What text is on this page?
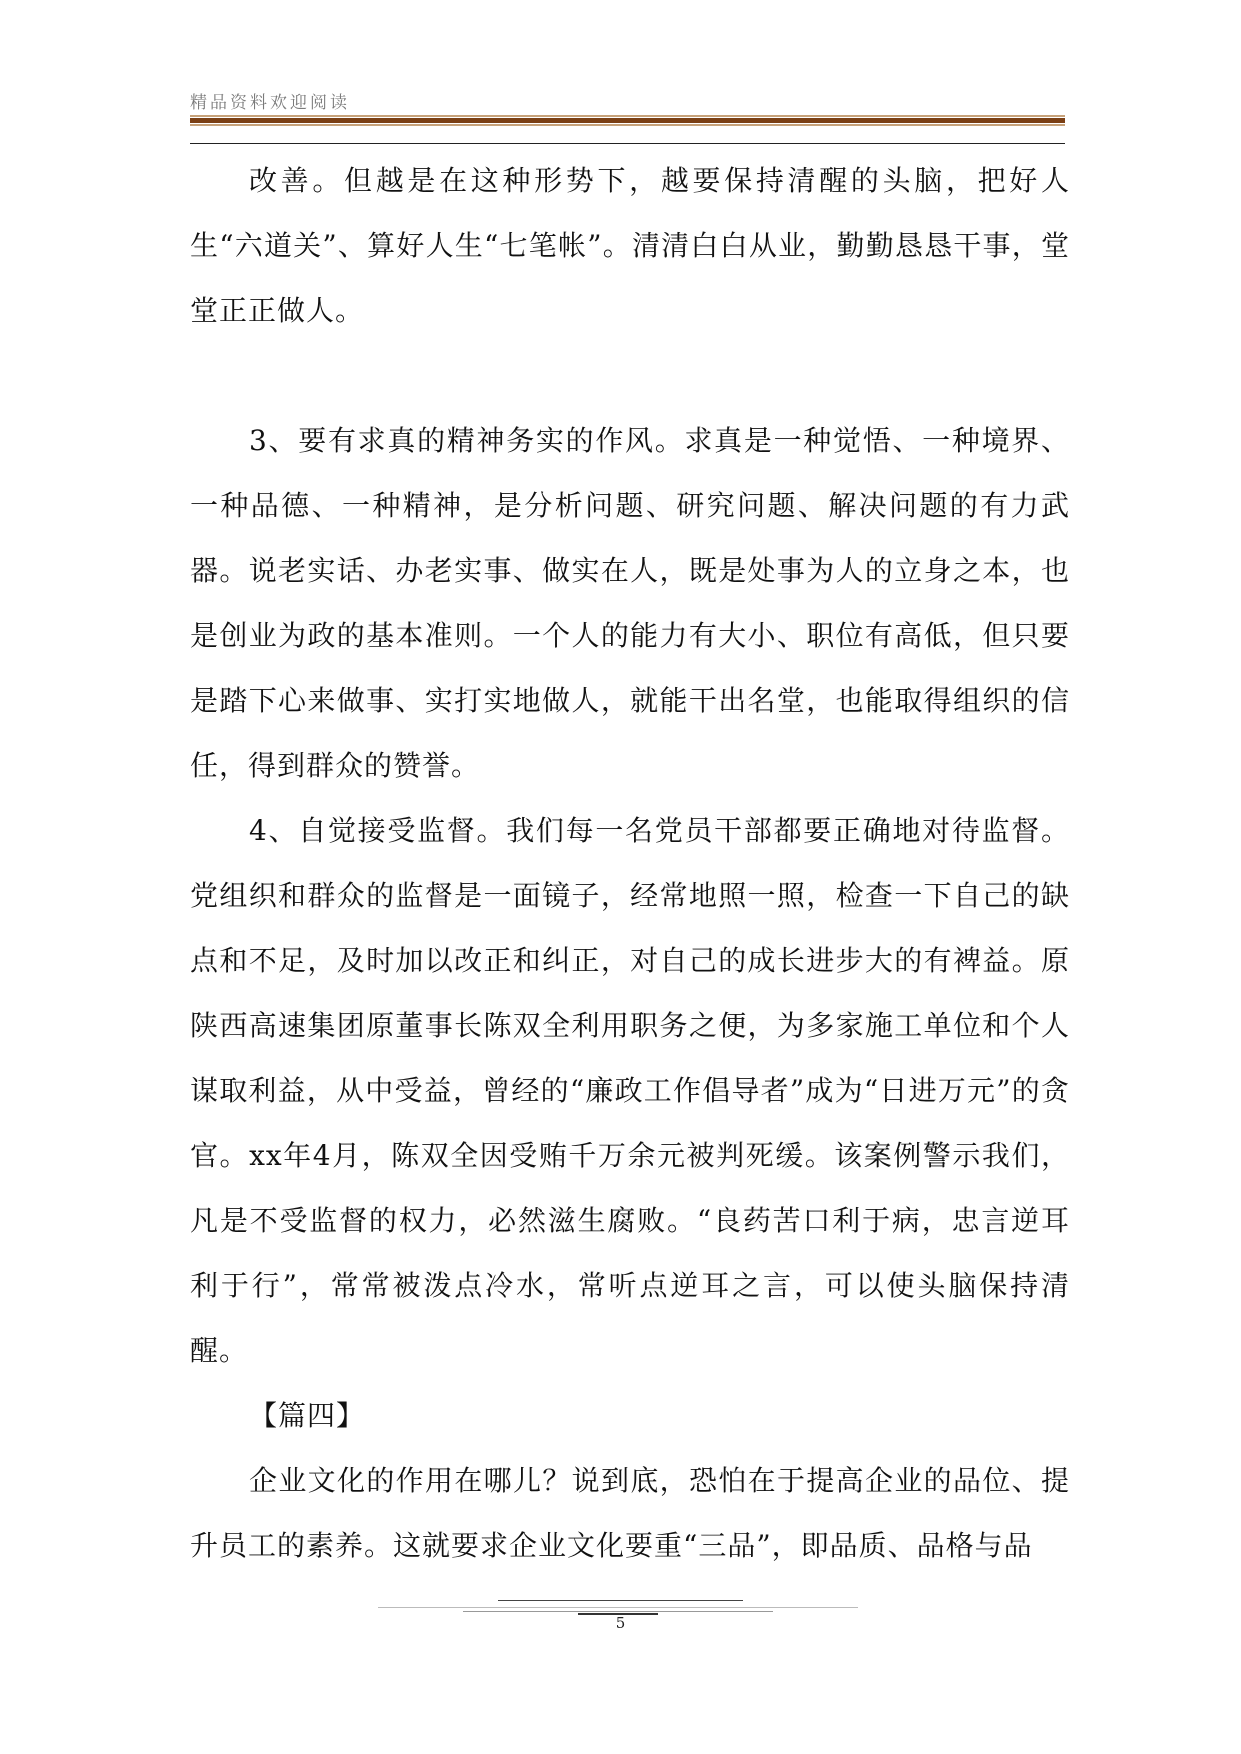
精品资料欢迎阅读

改善。但越是在这种形势下，越要保持清醒的头脑，把好人生“六道关”、算好人生“七笔帐”。清清白白从业，勤勤恳恳干事，堂堂正正做人。

3、要有求真的精神务实的作风。求真是一种觉悟、一种境界、一种品德、一种精神，是分析问题、研究问题、解决问题的有力武器。说老实话、办老实事、做实在人，既是处事为人的立身之本，也是创业为政的基本准则。一个人的能力有大小、职位有高低，但只要是踏下心来做事、实打实地做人，就能干出名堂，也能取得组织的信任，得到群众的赞誉。

4、自觉接受监督。我们每一名党员干部都要正确地对待监督。党组织和群众的监督是一面镜子，经常地照一照，检查一下自己的缺点和不足，及时加以改正和纠正，对自己的成长进步大的有裨益。原陕西高速集团原董事长陈双全利用职务之便，为多家施工单位和个人谋取利益，从中受益，曾经的“廉政工作倡导者”成为“日进万元”的贪官。xx年4月，陈双全因受贿千万余元被判死缓。该案例警示我们，凡是不受监督的权力，必然滋生腐败。“良药苦口利于病，忠言逆耳利于行”，常常被泼点冷水，常听点逆耳之言，可以使头脑保持清醒。

【篇四】

企业文化的作用在哪儿？说到底，恐怕在于提高企业的品位、提升员工的素养。这就要求企业文化要重“三品”，即品质、品格与品

5
